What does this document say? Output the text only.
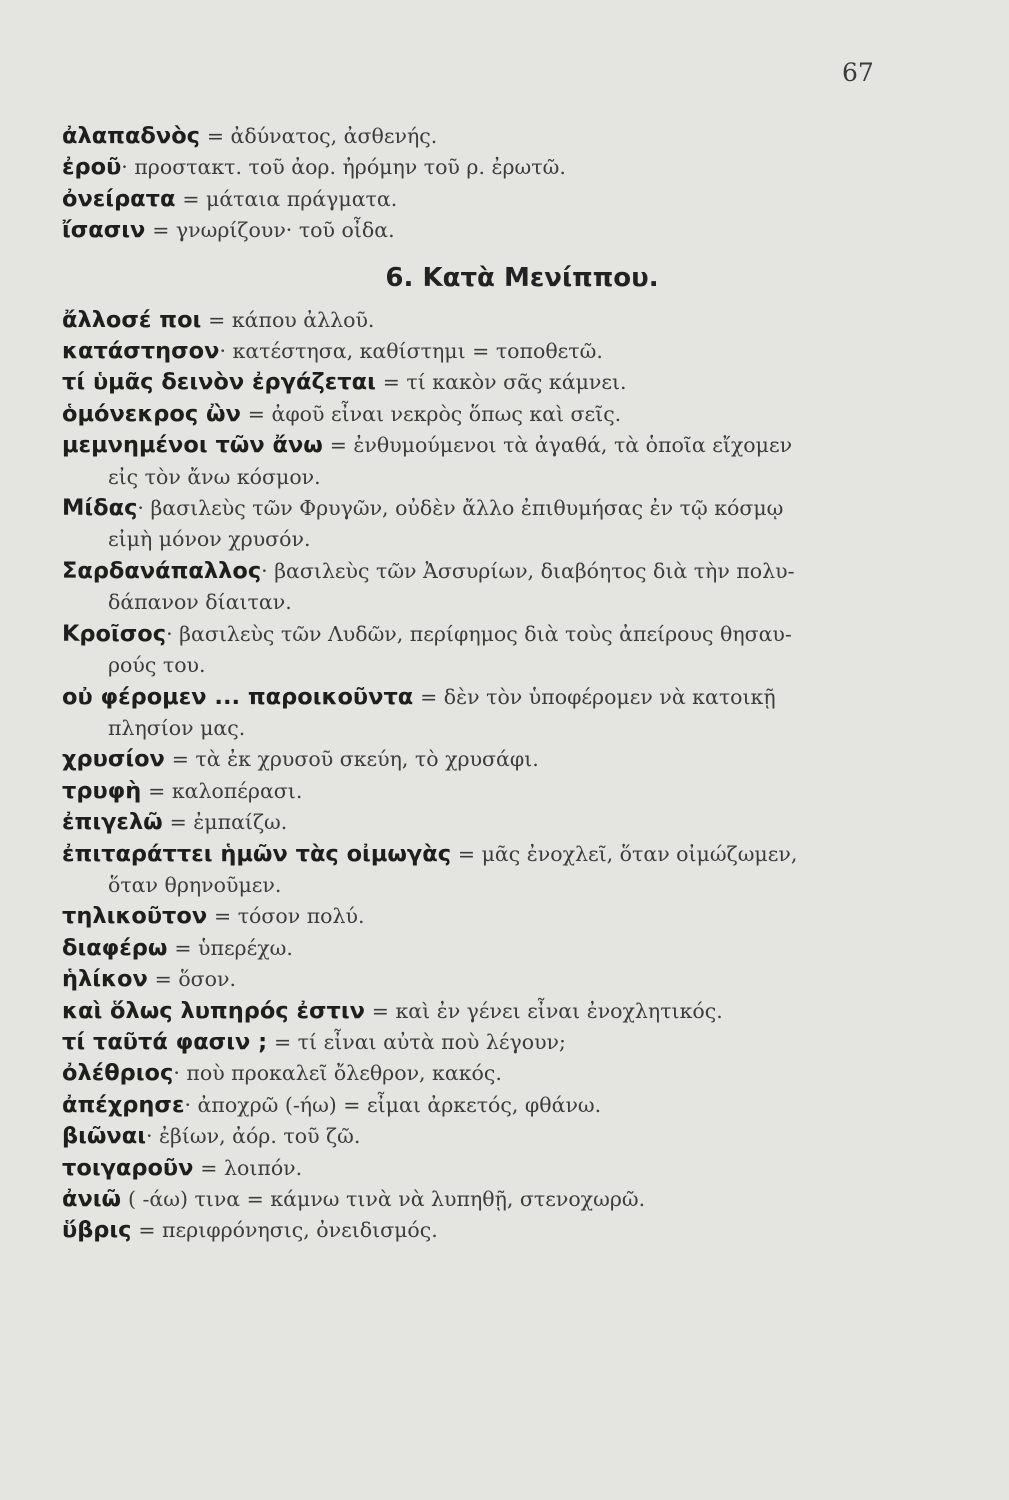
67
ἀλαπαδνὸς = ἀδύνατος, ἀσθενής.
ἐροῦ· προστακτ. τοῦ ἀορ. ἠρόμην τοῦ ρ. ἐρωτῶ.
ὀνείρατα = μάταια πράγματα.
ἴσασιν = γνωρίζουν· τοῦ οἶδα.
6. Κατὰ Μενίππου.
ἄλλοσέ ποι = κάπου ἀλλοῦ.
κατάστησον· κατέστησα, καθίστημι = τοποθετῶ.
τί ὑμᾶς δεινὸν ἐργάζεται = τί κακὸν σᾶς κάμνει.
ὁμόνεκρος ὢν = ἀφοῦ εἶναι νεκρὸς ὅπως καὶ σεῖς.
μεμνημένοι τῶν ἄνω = ἐνθυμούμενοι τὰ ἀγαθά, τὰ ὁποῖα εἴχομεν
εἰς τὸν ἄνω κόσμον.
Μίδας· βασιλεὺς τῶν Φρυγῶν, οὐδὲν ἄλλο ἐπιθυμήσας ἐν τῷ κόσμῳ
εἰμὴ μόνον χρυσόν.
Σαρδανάπαλλος· βασιλεὺς τῶν Ἀσσυρίων, διαβόητος διὰ τὴν πολυ-
δάπανον δίαιταν.
Κροῖσος· βασιλεὺς τῶν Λυδῶν, περίφημος διὰ τοὺς ἀπείρους θησαυ-
ρούς του.
οὐ φέρομεν ... παροικοῦντα = δὲν τὸν ὑποφέρομεν νὰ κατοικῇ
πλησίον μας.
χρυσίον = τὰ ἐκ χρυσοῦ σκεύη, τὸ χρυσάφι.
τρυφὴ = καλοπέρασι.
ἐπιγελῶ = ἐμπαίζω.
ἐπιταράττει ἡμῶν τὰς οἰμωγὰς = μᾶς ἐνοχλεῖ, ὅταν οἰμώζωμεν,
ὅταν θρηνοῦμεν.
τηλικοῦτον = τόσον πολύ.
διαφέρω = ὑπερέχω.
ἡλίκον = ὅσον.
καὶ ὅλως λυπηρός ἐστιν = καὶ ἐν γένει εἶναι ἐνοχλητικός.
τί ταῦτά φασιν ; = τί εἶναι αὐτὰ ποὺ λέγουν;
ὀλέθριος· ποὺ προκαλεῖ ὄλεθρον, κακός.
ἀπέχρησε· ἀποχρῶ (-ήω) = εἶμαι ἀρκετός, φθάνω.
βιῶναι· ἐβίων, ἀόρ. τοῦ ζῶ.
τοιγαροῦν = λοιπόν.
ἀνιῶ ( -άω) τινα = κάμνω τινὰ νὰ λυπηθῇ, στενοχωρῶ.
ὕβρις = περιφρόνησις, ὀνειδισμός.
